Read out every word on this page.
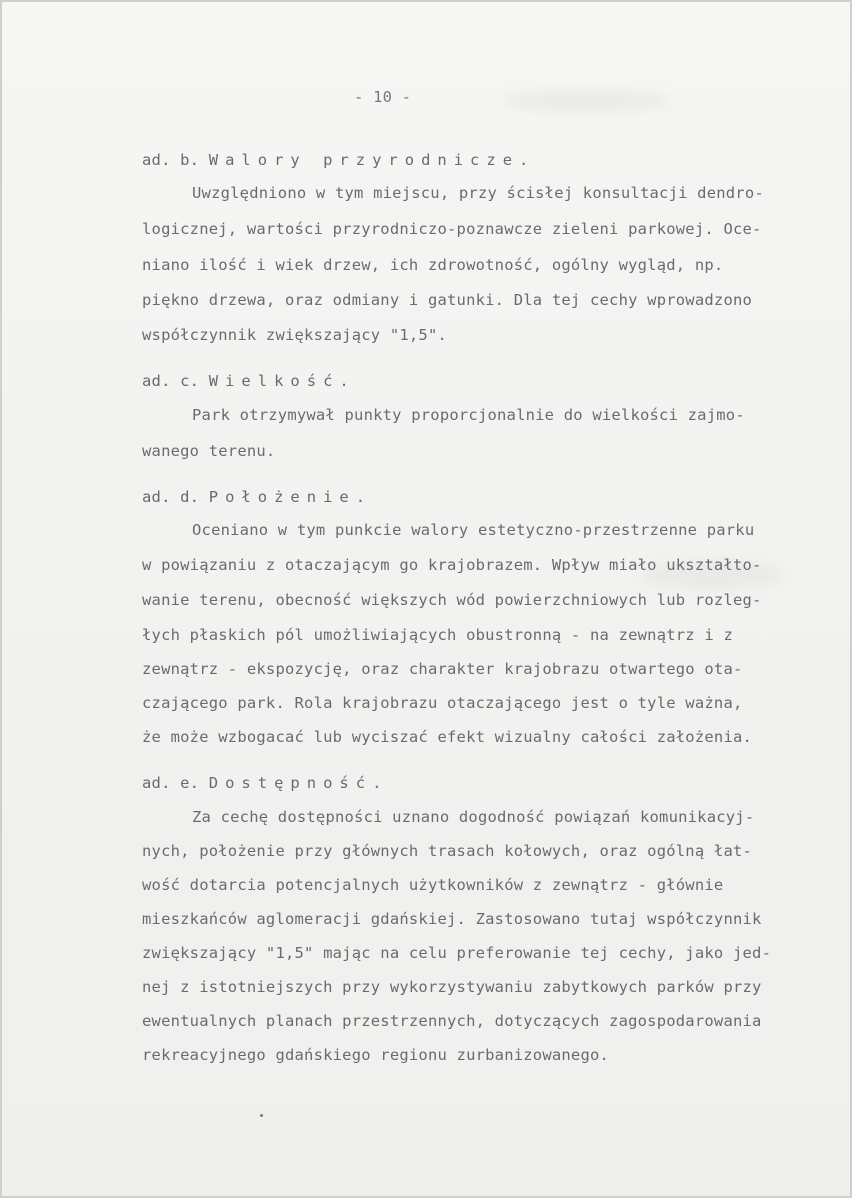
- 10 -
ad. b. Walory przyrodnicze.
Uwzględniono w tym miejscu, przy ścisłej konsultacji dendro-
logicznej, wartości przyrodniczo-poznawcze zieleni parkowej. Oce-
niano ilość i wiek drzew, ich zdrowotność, ogólny wygląd, np.
piękno drzewa, oraz odmiany i gatunki. Dla tej cechy wprowadzono
współczynnik zwiększający "1,5".
ad. c. Wielkość.
Park otrzymywał punkty proporcjonalnie do wielkości zajmo-
wanego terenu.
ad. d. Położenie.
Oceniano w tym punkcie walory estetyczno-przestrzenne parku
w powiązaniu z otaczającym go krajobrazem. Wpływ miało ukształto-
wanie terenu, obecność większych wód powierzchniowych lub rozleg-
łych płaskich pól umożliwiających obustronną - na zewnątrz i z
zewnątrz - ekspozycję, oraz charakter krajobrazu otwartego ota-
czającego park. Rola krajobrazu otaczającego jest o tyle ważna,
że może wzbogacać lub wyciszać efekt wizualny całości założenia.
ad. e. Dostępność.
Za cechę dostępności uznano dogodność powiązań komunikacyj-
nych, położenie przy głównych trasach kołowych, oraz ogólną łat-
wość dotarcia potencjalnych użytkowników z zewnątrz - głównie
mieszkańców aglomeracji gdańskiej. Zastosowano tutaj współczynnik
zwiększający "1,5" mając na celu preferowanie tej cechy, jako jed-
nej z istotniejszych przy wykorzystywaniu zabytkowych parków przy
ewentualnych planach przestrzennych, dotyczących zagospodarowania
rekreacyjnego gdańskiego regionu zurbanizowanego.
